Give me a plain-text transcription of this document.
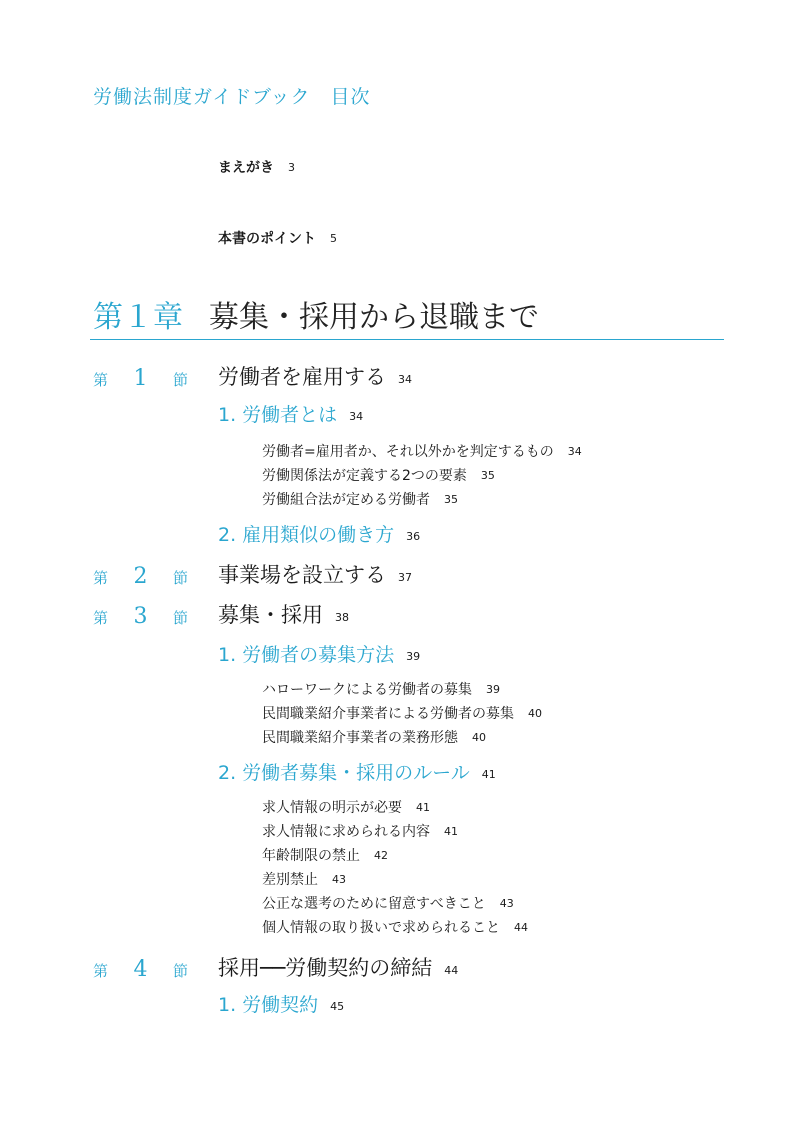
労働法制度ガイドブック　目次
まえがき 3
本書のポイント 5
第１章 募集・採用から退職まで
第 1 節 労働者を雇用する 34
1. 労働者とは 34
労働者=雇用者か、それ以外かを判定するもの 34
労働関係法が定義する2つの要素 35
労働組合法が定める労働者 35
2. 雇用類似の働き方 36
第 2 節 事業場を設立する 37
第 3 節 募集・採用 38
1. 労働者の募集方法 39
ハローワークによる労働者の募集 39
民間職業紹介事業者による労働者の募集 40
民間職業紹介事業者の業務形態 40
2. 労働者募集・採用のルール 41
求人情報の明示が必要 41
求人情報に求められる内容 41
年齢制限の禁止 42
差別禁止 43
公正な選考のために留意すべきこと 43
個人情報の取り扱いで求められること 44
第 4 節 採用──労働契約の締結 44
1. 労働契約 45
